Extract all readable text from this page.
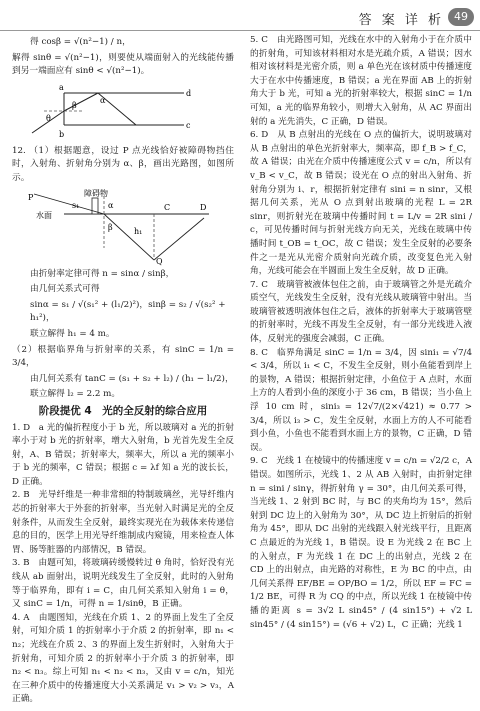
答 案 详 析 49

得 cosβ = √(n²−1) / n，

解得 sinθ = √(n²−1)，则要使从端面射入的光线能传播到另一端面应有 sinθ < √(n²−1)。

a
b
d
c
θ
β
α

12. （1）根据题意，设过 P 点光线恰好被障碍物挡住时，入射角、折射角分别为 α、β，画出光路图，如图所示。

障碍物
水面
P
Q
C	D
α
β	h₁
s₁

由折射率定律可得 n = sinα / sinβ，

由几何关系式可得

sinα = s₁ / √(s₁² + (l₁/2)²)，sinβ = s₂ / √(s₂² + h₁²)，

联立解得 h₁ = 4 m。

（2）根据临界角与折射率的关系，有 sinC = 1/n = 3/4，

由几何关系有 tanC = (s₁ + s₂ + l₂) / (h₁ − l₁/2)，

联立解得 l₂ = 2.2 m。

阶段提优 4　光的全反射的综合应用

1. D　a 光的偏折程度小于 b 光，所以玻璃对 a 光的折射率小于对 b 光的折射率，增大入射角，b 光首先发生全反射，A、B 错误；折射率大，频率大，所以 a 光的频率小于 b 光的频率，C 错误；根据 c = λf 知 a 光的波长长，D 正确。

2. B　光导纤维是一种非常细的特制玻璃丝，光导纤维内芯的折射率大于外套的折射率，当光射入时满足光的全反射条件，从而发生全反射，最终实现光在为载体来传递信息的目的，医学上用光导纤维制成内窥镜，用来检查人体胃、肠等脏器的内部情况，B 错误。

3. B　由题可知，将玻璃砖缓慢转过 θ 角时，恰好没有光线从 ab 面射出，说明光线发生了全反射，此时的入射角等于临界角，即有 i = C，由几何关系知入射角 i = θ，又 sinC = 1/n，可得 n = 1/sinθ，B 正确。

4. A　由题图知，光线在介质 1、2 的界面上发生了全反射，可知介质 1 的折射率小于介质 2 的折射率，即 n₁ < n₂；光线在介质 2、3 的界面上发生折射时，入射角大于折射角，可知介质 2 的折射率小于介质 3 的折射率，即 n₂ < n₃。综上可知 n₁ < n₂ < n₃，又由 v = c/n，知光在三种介质中的传播速度大小关系满足 v₁ > v₂ > v₃，A 正确。

5. C　由光路图可知，光线在水中的入射角小于在介质中的折射角，可知该材料相对水是光疏介质，A 错误；因水相对该材料是光密介质，则 a 单色光在该材质中传播速度大于在水中传播速度，B 错误；a 光在界面 AB 上的折射角大于 b 光，可知 a 光的折射率较大，根据 sinC = 1/n 可知，a 光的临界角较小，则增大入射角，从 AC 界面出射的 a 光先消失，C 正确，D 错误。

6. D　从 B 点射出的光线在 O 点的偏折大，说明玻璃对从 B 点射出的单色光折射率大，频率高，即 f_B > f_C，故 A 错误；由光在介质中传播速度公式 v = c/n，所以有 v_B < v_C，故 B 错误；设光在 O 点的射出入射角、折射角分别为 i、r，根据折射定律有 sini = n sinr，又根据几何关系，光从 O 点到射出玻璃的光程 L = 2R sinr，则折射光在玻璃中传播时间 t = L/v = 2R sini / c，可见传播时间与折射光线方向无关，光线在玻璃中传播时间 t_OB = t_OC，故 C 错误；发生全反射的必要条件之一是光从光密介质射向光疏介质，改变复色光入射角，光线可能会在半圆面上发生全反射，故 D 正确。

7. C　玻璃管被液体包住之前，由于玻璃管之外是光疏介质空气，光线发生全反射，没有光线从玻璃管中射出。当玻璃管被透明液体包住之后，液体的折射率大于玻璃管壁的折射率时，光线不再发生全反射，有一部分光线进入液体，反射光的强度会减弱，C 正确。

8. C　临界角满足 sinC = 1/n = 3/4，因 sini₁ = √7/4 < 3/4，所以 i₁ < C，不发生全反射，则小鱼能看到岸上的景物，A 错误；根据折射定律，小鱼位于 A 点时，水面上方的人看到小鱼的深度小于 36 cm，B 错误；当小鱼上浮 10 cm 时，sini₃ = 12√7/(2×√421) ≈ 0.77 > 3/4，所以 i₃ > C，发生全反射，水面上方的人不可能看到小鱼，小鱼也不能看到水面上方的景物，C 正确，D 错误。

9. C　光线 1 在棱镜中的传播速度 v = c/n = √2/2 c，A 错误。如图所示，光线 1、2 从 AB 入射时，由折射定律 n = sini / sinγ，得折射角 γ = 30°，由几何关系可得，当光线 1、2 射到 BC 时，与 BC 的夹角均为 15°，然后射到 DC 边上的入射角为 30°，从 DC 边上折射后的折射角为 45°，即从 DC 出射的光线跟入射光线平行，且距离 C 点最近的为光线 1，B 错误。设 E 为光线 2 在 BC 上的入射点，F 为光线 1 在 DC 上的出射点，光线 2 在 CD 上的出射点，由光路的对称性，E 为 BC 的中点，由几何关系得 EF/BE = OP/BO = 1/2，所以 EF = FC = 1/2 BE，可得 R 为 CQ 的中点，所以光线 1 在棱镜中传播的距离 s = 3√2 L sin45° / (4 sin15°) + √2 L sin45° / (4 sin15°) = (√6 + √2) L，C 正确；光线 1
